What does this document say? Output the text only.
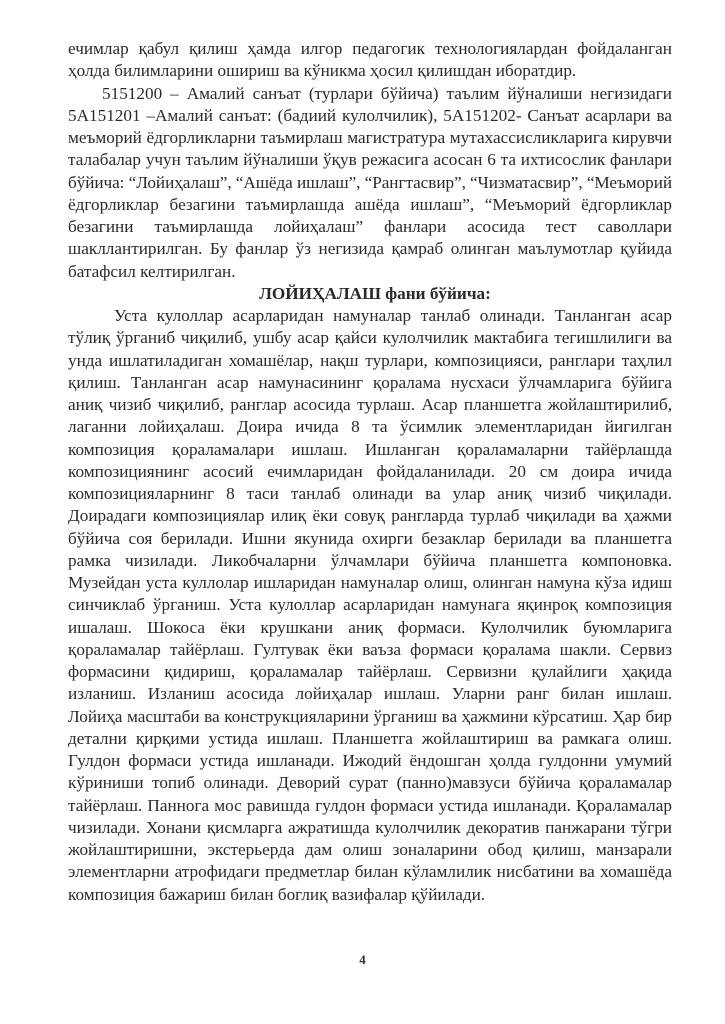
ечимлар қабул қилиш ҳамда илгор педагогик технологиялардан фойдаланган
ҳолда билимларини ошириш ва кўникма ҳосил қилишдан иборатдир.
5151200 – Амалий санъат (турлари бўйича) таълим йўналиши негизидаги
5А151201 –Амалий санъат: (бадиий кулолчилик), 5А151202- Санъат асарлари ва
меъморий ёдгорликларни таъмирлаш магистратура мутахассисликларига кирувчи
талабалар учун таълим йўналиши ўқув режасига асосан 6 та ихтисослик фанлари
бўйича: “Лойиҳалаш”, “Ашёда ишлаш”, “Рангтасвир”, “Чизматасвир”, “Меъморий
ёдгорликлар безагини таъмирлашда ашёда ишлаш”, “Меъморий ёдгорликлар
безагини таъмирлашда лойиҳалаш” фанлари асосида тест саволлари
шакллантирилган. Бу фанлар ўз негизида қамраб олинган маълумотлар қуйида
батафсил келтирилган.
ЛОЙИҲАЛАШ фани бўйича:
Уста кулоллар асарларидан намуналар танлаб олинади. Танланган асар
тўлиқ ўрганиб чиқилиб, ушбу асар қайси кулолчилик мактабига тегишлилиги ва
унда ишлатиладиган хомашёлар, нақш турлари, композицияси, ранглари таҳлил
қилиш. Танланган асар намунасининг қоралама нусхаси ўлчамларига бўйига
аниқ чизиб чиқилиб, ранглар асосида турлаш. Асар планшетга жойлаштирилиб,
лаганни лойиҳалаш. Доира ичида 8 та ўсимлик элементларидан йигилган
композиция қораламалари ишлаш. Ишланган қораламаларни тайёрлашда
композициянинг асосий ечимларидан фойдаланилади. 20 см доира ичида
композицияларнинг 8 таси танлаб олинади ва улар аниқ чизиб чиқилади.
Доирадаги композициялар илиқ ёки совуқ рангларда турлаб чиқилади ва ҳажми
бўйича соя берилади. Ишни якунида охирги безаклар берилади ва планшетга
рамка чизилади. Ликобчаларни ўлчамлари бўйича планшетга компоновка.
Музейдан уста куллолар ишларидан намуналар олиш, олинган намуна кўза идиш
синчиклаб ўрганиш. Уста кулоллар асарларидан намунага яқинроқ композиция
ишалаш. Шокоса ёки крушкани аниқ формаси. Кулолчилик буюмларига
қораламалар тайёрлаш. Гултувак ёки ваъза формаси қоралама шакли. Сервиз
формасини қидириш, қораламалар тайёрлаш. Сервизни қулайлиги ҳақида
изланиш. Изланиш асосида лойиҳалар ишлаш. Уларни ранг билан ишлаш.
Лойиҳа масштаби ва конструкцияларини ўрганиш ва ҳажмини кўрсатиш. Ҳар бир
детални қирқими устида ишлаш. Планшетга жойлаштириш ва рамкага олиш.
Гулдон формаси устида ишланади. Ижодий ёндошган ҳолда гулдонни умумий
кўриниши топиб олинади. Деворий сурат (панно)мавзуси бўйича қораламалар
тайёрлаш. Панногa мос равишда гулдон формаси устида ишланади. Қораламалар
чизилади. Хонани қисмларга ажратишда кулолчилик декоратив панжарани тўгри
жойлаштиришни, экстерьерда дам олиш зоналарини обод қилиш, манзарали
элементларни атрофидаги предметлар билан кўламлилик нисбатини ва хомашёда
композиция бажариш билан боглиқ вазифалар қўйилади.
4
